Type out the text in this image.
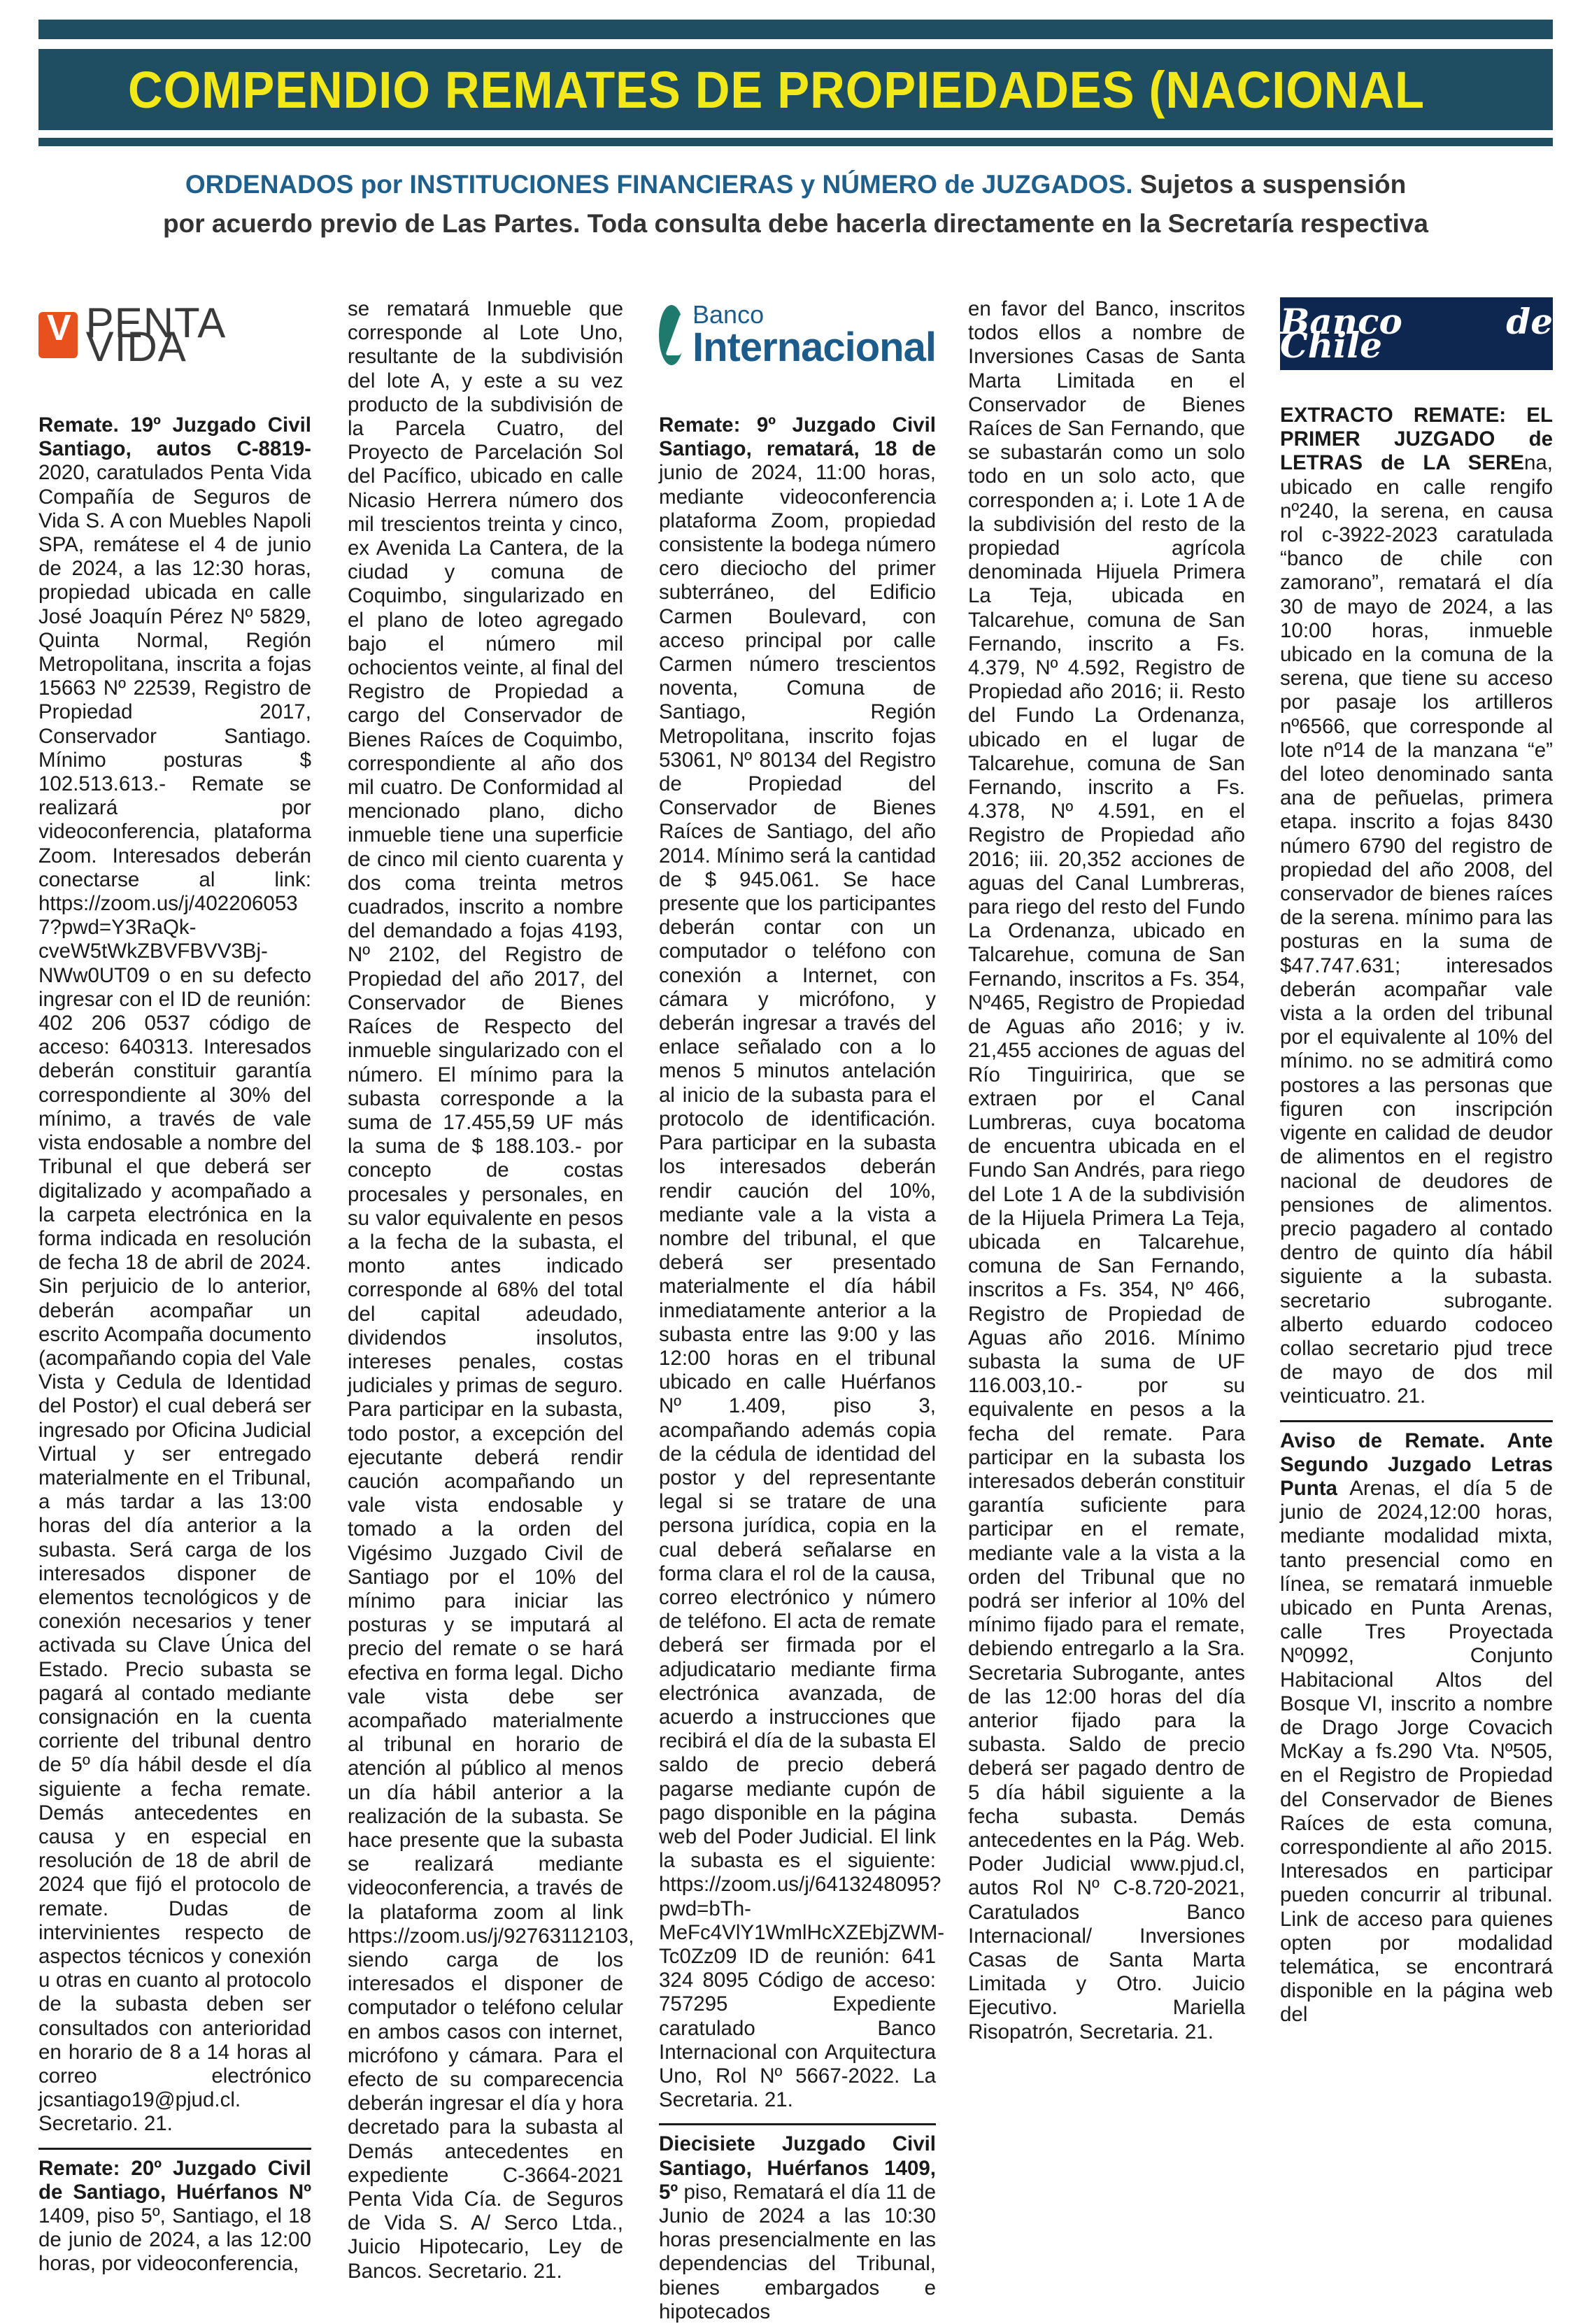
COMPENDIO REMATES DE PROPIEDADES (NACIONAL
ORDENADOS por INSTITUCIONES FINANCIERAS y NÚMERO de JUZGADOS. Sujetos a suspensión
por acuerdo previo de Las Partes. Toda consulta debe hacerla directamente en la Secretaría respectiva
V
PENTA VIDA

Remate. 19º Juzgado Civil Santiago, autos C-8819- 2020, caratulados Penta Vida Compañía de Seguros de Vida S. A con Muebles Napoli SPA, remátese el 4 de junio de 2024, a las 12:30 horas, propiedad ubicada en calle José Joaquín Pérez Nº 5829, Quinta Normal, Región Metropolitana, inscrita a fojas 15663 Nº 22539, Registro de Propiedad 2017, Conservador Santiago. Mínimo posturas $ 102.513.613.- Remate se realizará por videoconferencia, plataforma Zoom. Interesados deberán conectarse al link: https://zoom.us/j/402206053 7?pwd=Y3RaQk-cveW5tWkZBVFBVV3Bj-NWw0UT09 o en su defecto ingresar con el ID de reunión: 402 206 0537 código de acceso: 640313. Interesados deberán constituir garantía correspondiente al 30% del mínimo, a través de vale vista endosable a nombre del Tribunal el que deberá ser digitalizado y acompañado a la carpeta electrónica en la forma indicada en resolución de fecha 18 de abril de 2024. Sin perjuicio de lo anterior, deberán acompañar un escrito Acompaña documento (acompañando copia del Vale Vista y Cedula de Identidad del Postor) el cual deberá ser ingresado por Oficina Judicial Virtual y ser entregado materialmente en el Tribunal, a más tardar a las 13:00 horas del día anterior a la subasta. Será carga de los interesados disponer de elementos tecnológicos y de conexión necesarios y tener activada su Clave Única del Estado. Precio subasta se pagará al contado mediante consignación en la cuenta corriente del tribunal dentro de 5º día hábil desde el día siguiente a fecha remate. Demás antecedentes en causa y en especial en resolución de 18 de abril de 2024 que fijó el protocolo de remate. Dudas de intervinientes respecto de aspectos técnicos y conexión u otras en cuanto al protocolo de la subasta deben ser consultados con anterioridad en horario de 8 a 14 horas al correo electrónico jcsantiago19@pjud.cl. Secretario. 21.

Remate: 20º Juzgado Civil de Santiago, Huérfanos Nº 1409, piso 5º, Santiago, el 18 de junio de 2024, a las 12:00 horas, por videoconferencia,

se rematará Inmueble que corresponde al Lote Uno, resultante de la subdivisión del lote A, y este a su vez producto de la subdivisión de la Parcela Cuatro, del Proyecto de Parcelación Sol del Pacífico, ubicado en calle Nicasio Herrera número dos mil trescientos treinta y cinco, ex Avenida La Cantera, de la ciudad y comuna de Coquimbo, singularizado en el plano de loteo agregado bajo el número mil ochocientos veinte, al final del Registro de Propiedad a cargo del Conservador de Bienes Raíces de Coquimbo, correspondiente al año dos mil cuatro. De Conformidad al mencionado plano, dicho inmueble tiene una superficie de cinco mil ciento cuarenta y dos coma treinta metros cuadrados, inscrito a nombre del demandado a fojas 4193, Nº 2102, del Registro de Propiedad del año 2017, del Conservador de Bienes Raíces de Respecto del inmueble singularizado con el número. El mínimo para la subasta corresponde a la suma de 17.455,59 UF más la suma de $ 188.103.- por concepto de costas procesales y personales, en su valor equivalente en pesos a la fecha de la subasta, el monto antes indicado corresponde al 68% del total del capital adeudado, dividendos insolutos, intereses penales, costas judiciales y primas de seguro. Para participar en la subasta, todo postor, a excepción del ejecutante deberá rendir caución acompañando un vale vista endosable y tomado a la orden del Vigésimo Juzgado Civil de Santiago por el 10% del mínimo para iniciar las posturas y se imputará al precio del remate o se hará efectiva en forma legal. Dicho vale vista debe ser acompañado materialmente al tribunal en horario de atención al público al menos un día hábil anterior a la realización de la subasta. Se hace presente que la subasta se realizará mediante videoconferencia, a través de la plataforma zoom al link https://zoom.us/j/92763112103, siendo carga de los interesados el disponer de computador o teléfono celular en ambos casos con internet, micrófono y cámara. Para el efecto de su comparecencia deberán ingresar el día y hora decretado para la subasta al Demás antecedentes en expediente C-3664-2021 Penta Vida Cía. de Seguros de Vida S. A/ Serco Ltda., Juicio Hipotecario, Ley de Bancos. Secretario. 21.

Banco
Internacional

Remate: 9º Juzgado Civil Santiago, rematará, 18 de junio de 2024, 11:00 horas, mediante videoconferencia plataforma Zoom, propiedad consistente la bodega número cero dieciocho del primer subterráneo, del Edificio Carmen Boulevard, con acceso principal por calle Carmen número trescientos noventa, Comuna de Santiago, Región Metropolitana, inscrito fojas 53061, Nº 80134 del Registro de Propiedad del Conservador de Bienes Raíces de Santiago, del año 2014. Mínimo será la cantidad de $ 945.061. Se hace presente que los participantes deberán contar con un computador o teléfono con conexión a Internet, con cámara y micrófono, y deberán ingresar a través del enlace señalado con a lo menos 5 minutos antelación al inicio de la subasta para el protocolo de identificación. Para participar en la subasta los interesados deberán rendir caución del 10%, mediante vale a la vista a nombre del tribunal, el que deberá ser presentado materialmente el día hábil inmediatamente anterior a la subasta entre las 9:00 y las 12:00 horas en el tribunal ubicado en calle Huérfanos Nº 1.409, piso 3, acompañando además copia de la cédula de identidad del postor y del representante legal si se tratare de una persona jurídica, copia en la cual deberá señalarse en forma clara el rol de la causa, correo electrónico y número de teléfono. El acta de remate deberá ser firmada por el adjudicatario mediante firma electrónica avanzada, de acuerdo a instrucciones que recibirá el día de la subasta El saldo de precio deberá pagarse mediante cupón de pago disponible en la página web del Poder Judicial. El link la subasta es el siguiente: https://zoom.us/j/6413248095?pwd=bTh-MeFc4VlY1WmlHcXZEbjZWM-Tc0Zz09 ID de reunión: 641 324 8095 Código de acceso: 757295 Expediente caratulado Banco Internacional con Arquitectura Uno, Rol Nº 5667-2022. La Secretaria. 21.

Diecisiete Juzgado Civil Santiago, Huérfanos 1409, 5º piso, Rematará el día 11 de Junio de 2024 a las 10:30 horas presencialmente en las dependencias del Tribunal, bienes embargados e hipotecados

en favor del Banco, inscritos todos ellos a nombre de Inversiones Casas de Santa Marta Limitada en el Conservador de Bienes Raíces de San Fernando, que se subastarán como un solo todo en un solo acto, que corresponden a; i. Lote 1 A de la subdivisión del resto de la propiedad agrícola denominada Hijuela Primera La Teja, ubicada en Talcarehue, comuna de San Fernando, inscrito a Fs. 4.379, Nº 4.592, Registro de Propiedad año 2016; ii. Resto del Fundo La Ordenanza, ubicado en el lugar de Talcarehue, comuna de San Fernando, inscrito a Fs. 4.378, Nº 4.591, en el Registro de Propiedad año 2016; iii. 20,352 acciones de aguas del Canal Lumbreras, para riego del resto del Fundo La Ordenanza, ubicado en Talcarehue, comuna de San Fernando, inscritos a Fs. 354, Nº465, Registro de Propiedad de Aguas año 2016; y iv. 21,455 acciones de aguas del Río Tinguiririca, que se extraen por el Canal Lumbreras, cuya bocatoma de encuentra ubicada en el Fundo San Andrés, para riego del Lote 1 A de la subdivisión de la Hijuela Primera La Teja, ubicada en Talcarehue, comuna de San Fernando, inscritos a Fs. 354, Nº 466, Registro de Propiedad de Aguas año 2016. Mínimo subasta la suma de UF 116.003,10.- por su equivalente en pesos a la fecha del remate. Para participar en la subasta los interesados deberán constituir garantía suficiente para participar en el remate, mediante vale a la vista a la orden del Tribunal que no podrá ser inferior al 10% del mínimo fijado para el remate, debiendo entregarlo a la Sra. Secretaria Subrogante, antes de las 12:00 horas del día anterior fijado para la subasta. Saldo de precio deberá ser pagado dentro de 5 día hábil siguiente a la fecha subasta. Demás antecedentes en la Pág. Web. Poder Judicial www.pjud.cl, autos Rol Nº C-8.720-2021, Caratulados Banco Internacional/ Inversiones Casas de Santa Marta Limitada y Otro. Juicio Ejecutivo. Mariella Risopatrón, Secretaria. 21.

Banco de Chile

EXTRACTO REMATE: EL PRIMER JUZGADO de LETRAS de LA SEREna, ubicado en calle rengifo nº240, la serena, en causa rol c-3922-2023 caratulada “banco de chile con zamorano”, rematará el día 30 de mayo de 2024, a las 10:00 horas, inmueble ubicado en la comuna de la serena, que tiene su acceso por pasaje los artilleros nº6566, que corresponde al lote nº14 de la manzana “e” del loteo denominado santa ana de peñuelas, primera etapa. inscrito a fojas 8430 número 6790 del registro de propiedad del año 2008, del conservador de bienes raíces de la serena. mínimo para las posturas en la suma de $47.747.631; interesados deberán acompañar vale vista a la orden del tribunal por el equivalente al 10% del mínimo. no se admitirá como postores a las personas que figuren con inscripción vigente en calidad de deudor de alimentos en el registro nacional de deudores de pensiones de alimentos. precio pagadero al contado dentro de quinto día hábil siguiente a la subasta. secretario subrogante. alberto eduardo codoceo collao secretario pjud trece de mayo de dos mil veinticuatro. 21.

Aviso de Remate. Ante Segundo Juzgado Letras Punta Arenas, el día 5 de junio de 2024,12:00 horas, mediante modalidad mixta, tanto presencial como en línea, se rematará inmueble ubicado en Punta Arenas, calle Tres Proyectada Nº0992, Conjunto Habitacional Altos del Bosque VI, inscrito a nombre de Drago Jorge Covacich McKay a fs.290 Vta. Nº505, en el Registro de Propiedad del Conservador de Bienes Raíces de esta comuna, correspondiente al año 2015. Interesados en participar pueden concurrir al tribunal. Link de acceso para quienes opten por modalidad telemática, se encontrará disponible en la página web del
